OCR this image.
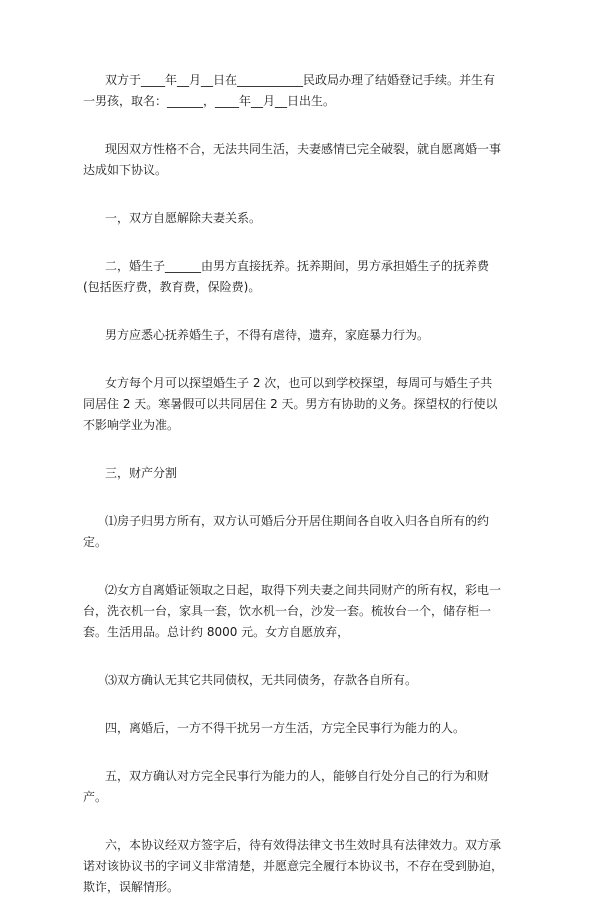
双方于____年__月__日在___________民政局办理了结婚登记手续。并生有一男孩，取名：______，____年__月__日出生。

现因双方性格不合，无法共同生活，夫妻感情已完全破裂，就自愿离婚一事达成如下协议。

一，双方自愿解除夫妻关系。

二，婚生子______由男方直接抚养。抚养期间，男方承担婚生子的抚养费(包括医疗费，教育费，保险费)。

男方应悉心抚养婚生子，不得有虐待，遗弃，家庭暴力行为。

女方每个月可以探望婚生子 2 次，也可以到学校探望，每周可与婚生子共同居住 2 天。寒暑假可以共同居住 2 天。男方有协助的义务。探望权的行使以不影响学业为准。

三，财产分割

⑴房子归男方所有，双方认可婚后分开居住期间各自收入归各自所有的约定。

⑵女方自离婚证领取之日起，取得下列夫妻之间共同财产的所有权，彩电一台，洗衣机一台，家具一套，饮水机一台，沙发一套。梳妆台一个，储存柜一套。生活用品。总计约 8000 元。女方自愿放弃，

⑶双方确认无其它共同债权，无共同债务，存款各自所有。

四，离婚后，一方不得干扰另一方生活，方完全民事行为能力的人。

五，双方确认对方完全民事行为能力的人，能够自行处分自己的行为和财产。

六，本协议经双方签字后，待有效得法律文书生效时具有法律效力。双方承诺对该协议书的字词义非常清楚，并愿意完全履行本协议书，不存在受到胁迫，欺诈，误解情形。
